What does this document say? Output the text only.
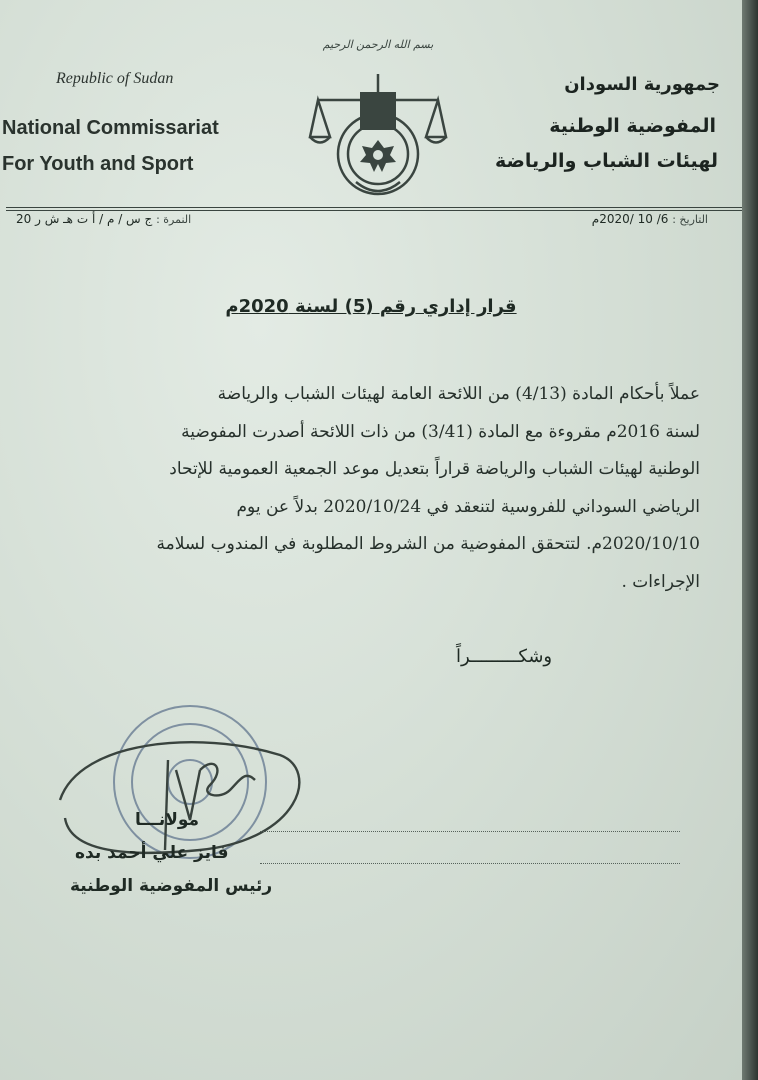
Republic of Sudan
National Commissariat
For Youth and Sport
بسم الله الرحمن الرحيم
جمهورية السودان
المفوضية الوطنية
لهيئات الشباب والرياضة
النمرة : ج س / م / أ ت هـ ش ر 20	التاريخ : 6/ 10 /2020م
قرار إداري رقم (5) لسنة 2020م
عملاً بأحكام المادة (4/13) من اللائحة العامة لهيئات الشباب والرياضة
لسنة 2016م مقروءة مع المادة (3/41) من ذات اللائحة أصدرت المفوضية
الوطنية لهيئات الشباب والرياضة قراراً بتعديل موعد الجمعية العمومية للإتحاد
الرياضي السوداني للفروسية لتنعقد في 2020/10/24 بدلاً عن يوم
2020/10/10م. لتتحقق المفوضية من الشروط المطلوبة في المندوب لسلامة
الإجراءات .
وشكـــــــــراً
مولانـــا
فايز علي أحمد بده
رئيس المفوضية الوطنية
